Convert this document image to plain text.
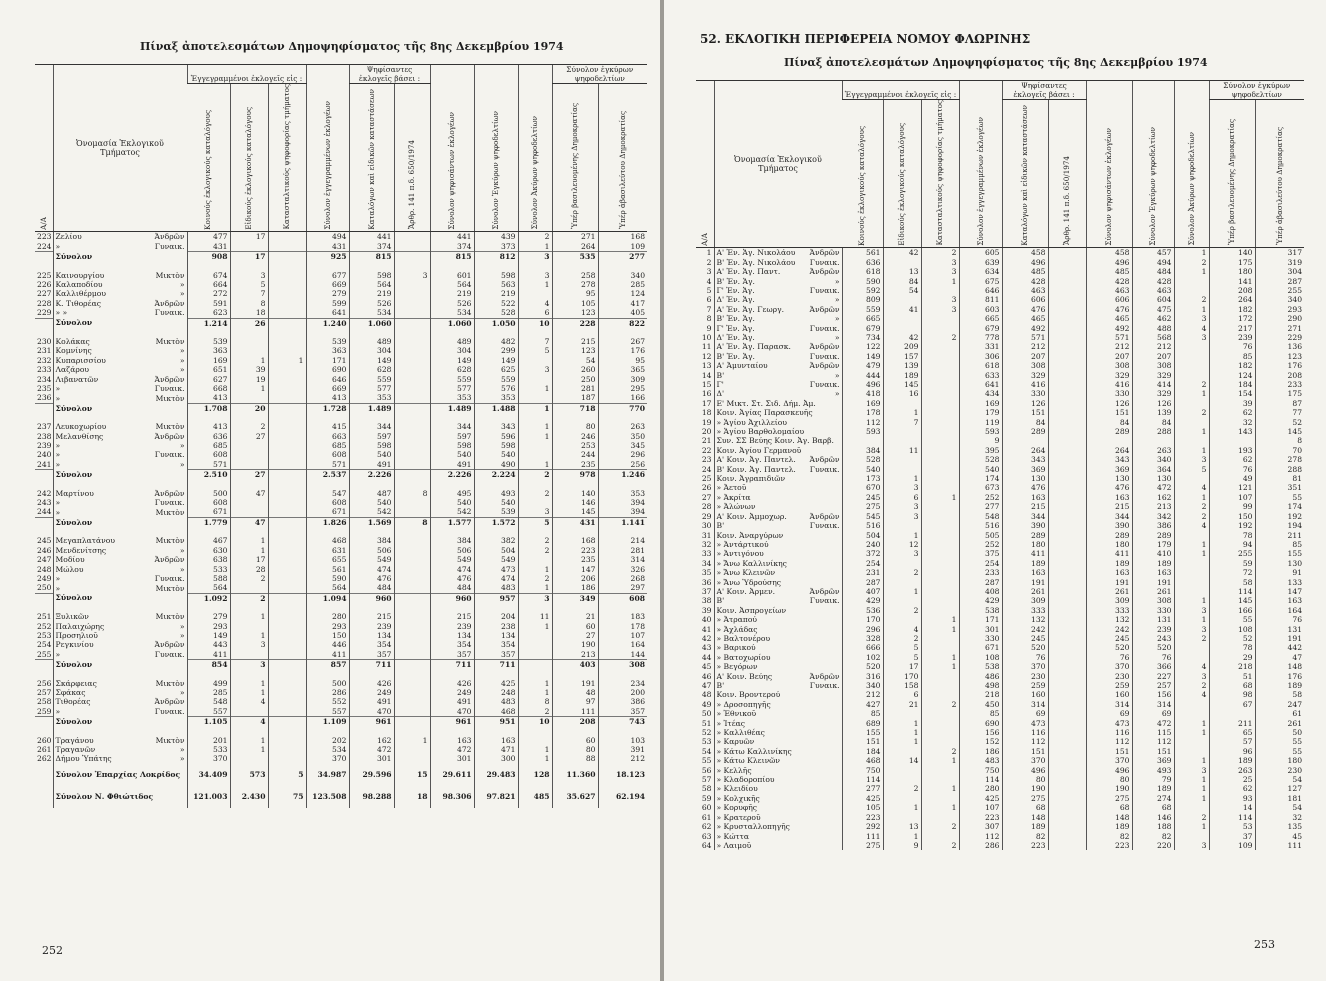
Πίναξ ἀποτελεσμάτων Δημοψηφίσματος τῆς 8ης Δεκεμβρίου 1974
Α/Α	Ὀνομασία Ἐκλογικοῦ Τμήματος	Ἐγγεγραμμένοι ἐκλογεῖς εἰς :			Σύνολον ἐγγεγραμμένων ἐκλογέων	Ψηφίσαντες ἐκλογεῖς βάσει :		Σύνολον ψηφισάντων ἐκλογέων	Σύνολον Ἐγκύρων ψηφοδελτίων	Σύνολον Ἀκύρων ψηφοδελτίων	Σύνολον ἐγκύρων ψηφοδελτίων	
		Κοινούς ἐκλογικούς καταλόγους	Εἰδικούς ἐκλογικούς καταλόγους	Κατασταλτικούς ψηφοφορίας τμήματος		Καταλόγων καὶ εἰδικῶν καταστάσεων	Ἄρθρ. 141 π.δ. 650/1974				Ὑπέρ βασιλευομένης Δημοκρατίας	Ὑπέρ ἀβασιλεύτου Δημοκρατίας
223	Ζελίου Ἀνδρῶν	477	17		494	441		441	439	2	271	168
224	» Γυναικ.	431			431	374		374	373	1	264	109
	Σύνολον	908	17		925	815		815	812	3	535	277

225	Καινουργίου Μικτὸν	674	3		677	598	3	601	598	3	258	340
226	Καλαποδίου »	664	5		669	564		564	563	1	278	285
227	Καλλιθέρμου »	272	7		279	219		219	219		95	124
228	Κ. Τιθορέας Ἀνδρῶν	591	8		599	526		526	522	4	105	417
229	» » Γυναικ.	623	18		641	534		534	528	6	123	405
	Σύνολον	1.214	26		1.240	1.060		1.060	1.050	10	228	822

230	Κολάκας Μικτὸν	539			539	489		489	482	7	215	267
231	Κομνίνης »	363			363	304		304	299	5	123	176
232	Κυπαρισσίου »	169	1	1	171	149		149	149		54	95
233	Λαζάρου »	651	39		690	628		628	625	3	260	365
234	Λιβανατῶν Ἀνδρῶν	627	19		646	559		559	559		250	309
235	» Γυναικ.	668	1		669	577		577	576	1	281	295
236	» Μικτὸν	413			413	353		353	353		187	166
	Σύνολον	1.708	20		1.728	1.489		1.489	1.488	1	718	770

237	Λευκοχωρίου Μικτὸν	413	2		415	344		344	343	1	80	263
238	Μελανθίσης Ἀνδρῶν	636	27		663	597		597	596	1	246	350
239	» »	685			685	598		598	598		253	345
240	» Γυναικ.	608			608	540		540	540		244	296
241	» »	571			571	491		491	490	1	235	256
	Σύνολον	2.510	27		2.537	2.226		2.226	2.224	2	978	1.246

242	Μαρτίνου Ἀνδρῶν	500	47		547	487	8	495	493	2	140	353
243	» Γυναικ.	608			608	540		540	540		146	394
244	» Μικτὸν	671			671	542		542	539	3	145	394
	Σύνολον	1.779	47		1.826	1.569	8	1.577	1.572	5	431	1.141

245	Μεγαπλατάνου Μικτὸν	467	1		468	384		384	382	2	168	214
246	Μενδενίτσης »	630	1		631	506		506	504	2	223	281
247	Μοδίου Ἀνδρῶν	638	17		655	549		549	549		235	314
248	Μώλου »	533	28		561	474		474	473	1	147	326
249	» Γυναικ.	588	2		590	476		476	474	2	206	268
250	» Μικτὸν	564			564	484		484	483	1	186	297
	Σύνολον	1.092	2		1.094	960		960	957	3	349	608

251	Ξυλικῶν Μικτὸν	279	1		280	215		215	204	11	21	183
252	Παλαιχώρης »	293			293	239		239	238	1	60	178
253	Προσηλιοῦ »	149	1		150	134		134	134		27	107
254	Ρεγκινίου Ἀνδρῶν	443	3		446	354		354	354		190	164
255	» Γυναικ.	411			411	357		357	357		213	144
	Σύνολον	854	3		857	711		711	711		403	308

256	Σκάρφειας Μικτὸν	499	1		500	426		426	425	1	191	234
257	Σφάκας »	285	1		286	249		249	248	1	48	200
258	Τιθορέας Ἀνδρῶν	548	4		552	491		491	483	8	97	386
259	» Γυναικ.	557			557	470		470	468	2	111	357
	Σύνολον	1.105	4		1.109	961		961	951	10	208	743

260	Τραγάνου Μικτὸν	201	1		202	162	1	163	163		60	103
261	Τραγανῶν »	533	1		534	472		472	471	1	80	391
262	Δήμου Ὑπάτης »	370			370	301		301	300	1	88	212
	Σύνολον Ἐπαρχίας Λοκρίδος	34.409	573	5	34.987	29.596	15	29.611	29.483	128	11.360	18.123
	Σύνολον Ν. Φθιώτιδος	121.003	2.430	75	123.508	98.288	18	98.306	97.821	485	35.627	62.194
252
52. ΕΚΛΟΓΙΚΗ ΠΕΡΙΦΕΡΕΙΑ ΝΟΜΟΥ ΦΛΩΡΙΝΗΣ
Πίναξ ἀποτελεσμάτων Δημοψηφίσματος τῆς 8ης Δεκεμβρίου 1974
Α/Α	Ὀνομασία Ἐκλογικοῦ Τμήματος	Ἐγγεγραμμένοι ἐκλογεῖς εἰς :			Σύνολον ἐγγεγραμμένων ἐκλογέων	Ψηφίσαντες ἐκλογεῖς βάσει :		Σύνολον ψηφισάντων ἐκλογέων	Σύνολον Ἐγκύρων ψηφοδελτίων	Σύνολον Ἀκύρων ψηφοδελτίων	Σύνολον ἐγκύρων ψηφοδελτίων	
		Κοινούς ἐκλογικούς καταλόγους	Εἰδικούς ἐκλογικούς καταλόγους	Κατασταλτικούς ψηφοφορίας τμήματος		Καταλόγων καὶ εἰδικῶν καταστάσεων	Ἄρθρ. 141 π.δ. 650/1974				Ὑπέρ βασιλευομένης Δημοκρατίας	Ὑπέρ ἀβασιλεύτου Δημοκρατίας
1	Α' Ἐν. Ἁγ. Νικολάου Ἀνδρῶν	561	42	2	605	458		458	457	1	140	317
2	Β' Ἐν. Ἁγ. Νικολάου Γυναικ.	636		3	639	496		496	494	2	175	319
3	Α' Ἐν. Ἁγ. Παντ. Ἀνδρῶν	618	13	3	634	485		485	484	1	180	304
4	Β' Ἐν. Ἁγ. »	590	84	1	675	428		428	428		141	287
5	Γ' Ἐν. Ἁγ. Γυναικ.	592	54		646	463		463	463		208	255
6	Δ' Ἐν. Ἁγ. »	809		3	811	606		606	604	2	264	340
7	Α' Ἐν. Ἁγ. Γεωργ. Ἀνδρῶν	559	41	3	603	476		476	475	1	182	293
8	Β' Ἐν. Ἁγ. »	665			665	465		465	462	3	172	290
9	Γ' Ἐν. Ἁγ. Γυναικ.	679			679	492		492	488	4	217	271
10	Δ' Ἐν. Ἁγ. »	734	42	2	778	571		571	568	3	239	229
11	Α' Ἐν. Ἁγ. Παρασκ. Ἀνδρῶν	122	209		331	212		212	212		76	136
12	Β' Ἐν. Ἁγ. Γυναικ.	149	157		306	207		207	207		85	123
13	Α' Ἀμυνταίου Ἀνδρῶν	479	139		618	308		308	308		182	176
14	Β' »	444	189		633	329		329	329		124	208
15	Γ' Γυναικ.	496	145		641	416		416	414	2	184	233
16	Δ' »	418	16		434	330		330	329	1	154	175
17	Ε' Μικτ. Στ. Σιδ. Δήμ. Ἀμ.	169			169	126		126	126		39	87
18	Κοιν. Ἁγίας Παρασκευῆς	178	1		179	151		151	139	2	62	77
19	» Ἁγίου Ἀχιλλείου	112	7		119	84		84	84		32	52
20	» Ἁγίου Βαρθολομαίου	593			593	289		289	288	1	143	145
21	Συν. ΣΣ Βεύης Κοιν. Ἁγ. Βαρβ.				9							8
22	Κοιν. Ἁγίου Γερμανοῦ	384	11		395	264		264	263	1	193	70
23	Α' Κοιν. Ἁγ. Παντελ. Ἀνδρῶν	528			528	343		343	340	3	62	278
24	Β' Κοιν. Ἁγ. Παντελ. Γυναικ.	540			540	369		369	364	5	76	288
25	Κοιν. Ἀγραπιδιῶν	173	1		174	130		130	130		49	81
26	» Ἀετοῦ	670	3		673	476		476	472	4	121	351
27	» Ἀκρίτα	245	6	1	252	163		163	162	1	107	55
28	» Ἀλώνων	275	3		277	215		215	213	2	99	174
29	Α' Κοιν. Ἀμμοχωρ. Ἀνδρῶν	545	3		548	344		344	342	2	150	192
30	Β' Γυναικ.	516			516	390		390	386	4	192	194
31	Κοιν. Ἀναργύρων	504	1		505	289		289	289		78	211
32	» Ἀντάρτικού	240	12		252	180		180	179	1	94	85
33	» Ἀντιγόνου	372	3		375	411		411	410	1	255	155
34	» Ἄνω Καλλινίκης	254			254	189		189	189		59	130
35	» Ἄνω Κλεινῶν	231	2		233	163		163	163		72	91
36	» Ἄνω Ὑδρούσης	287			287	191		191	191		58	133
37	Α' Κοιν. Ἀρμεν. Ἀνδρῶν	407	1		408	261		261	261		114	147
38	Β' Γυναικ.	429			429	309		309	308	1	145	163
39	Κοιν. Ἀσπρογείων	536	2		538	333		333	330	3	166	164
40	» Ἀτραπού	170		1	171	132		132	131	1	55	76
41	» Ἀχλάδας	296	4	1	301	242		242	239	3	108	131
42	» Βαλτονέρου	328	2		330	245		245	243	2	52	191
43	» Βαρικού	666	5		671	520		520	520		78	442
44	» Βατοχωρίου	102	5	1	108	76		76	76		29	47
45	» Βεγόρων	520	17	1	538	370		370	366	4	218	148
46	Α' Κοιν. Βεύης Ἀνδρῶν	316	170		486	230		230	227	3	51	176
47	Β' Γυναικ.	340	158		498	259		259	257	2	68	189
48	Κοιν. Βροντερού	212	6		218	160		160	156	4	98	58
49	» Δροσοπηγῆς	427	21	2	450	314		314	314		67	247
50	» Ἐθνικοῦ	85			85	69		69	69			61
51	» Ἰτέας	689	1		690	473		473	472	1	211	261
52	» Καλλιθέας	155	1		156	116		116	115	1	65	50
53	» Καρυῶν	151	1		152	112		112	112		57	55
54	» Κάτω Καλλινίκης	184		2	186	151		151	151		96	55
55	» Κάτω Κλεινῶν	468	14	1	483	370		370	369	1	189	180
56	» Κελλῆς	750			750	496		496	493	3	263	230
57	» Κλαδοροπίου	114			114	80		80	79	1	25	54
58	» Κλειδίου	277	2	1	280	190		190	189	1	62	127
59	» Κολχικῆς	425			425	275		275	274	1	93	181
60	» Κορυφῆς	105	1	1	107	68		68	68		14	54
61	» Κρατεροῦ	223			223	148		148	146	2	114	32
62	» Κρυσταλλοπηγῆς	292	13	2	307	189		189	188	1	53	135
63	» Κώττα	111	1		112	82		82	82		37	45
64	» Λαιμοῦ	275	9	2	286	223		223	220	3	109	111
253
